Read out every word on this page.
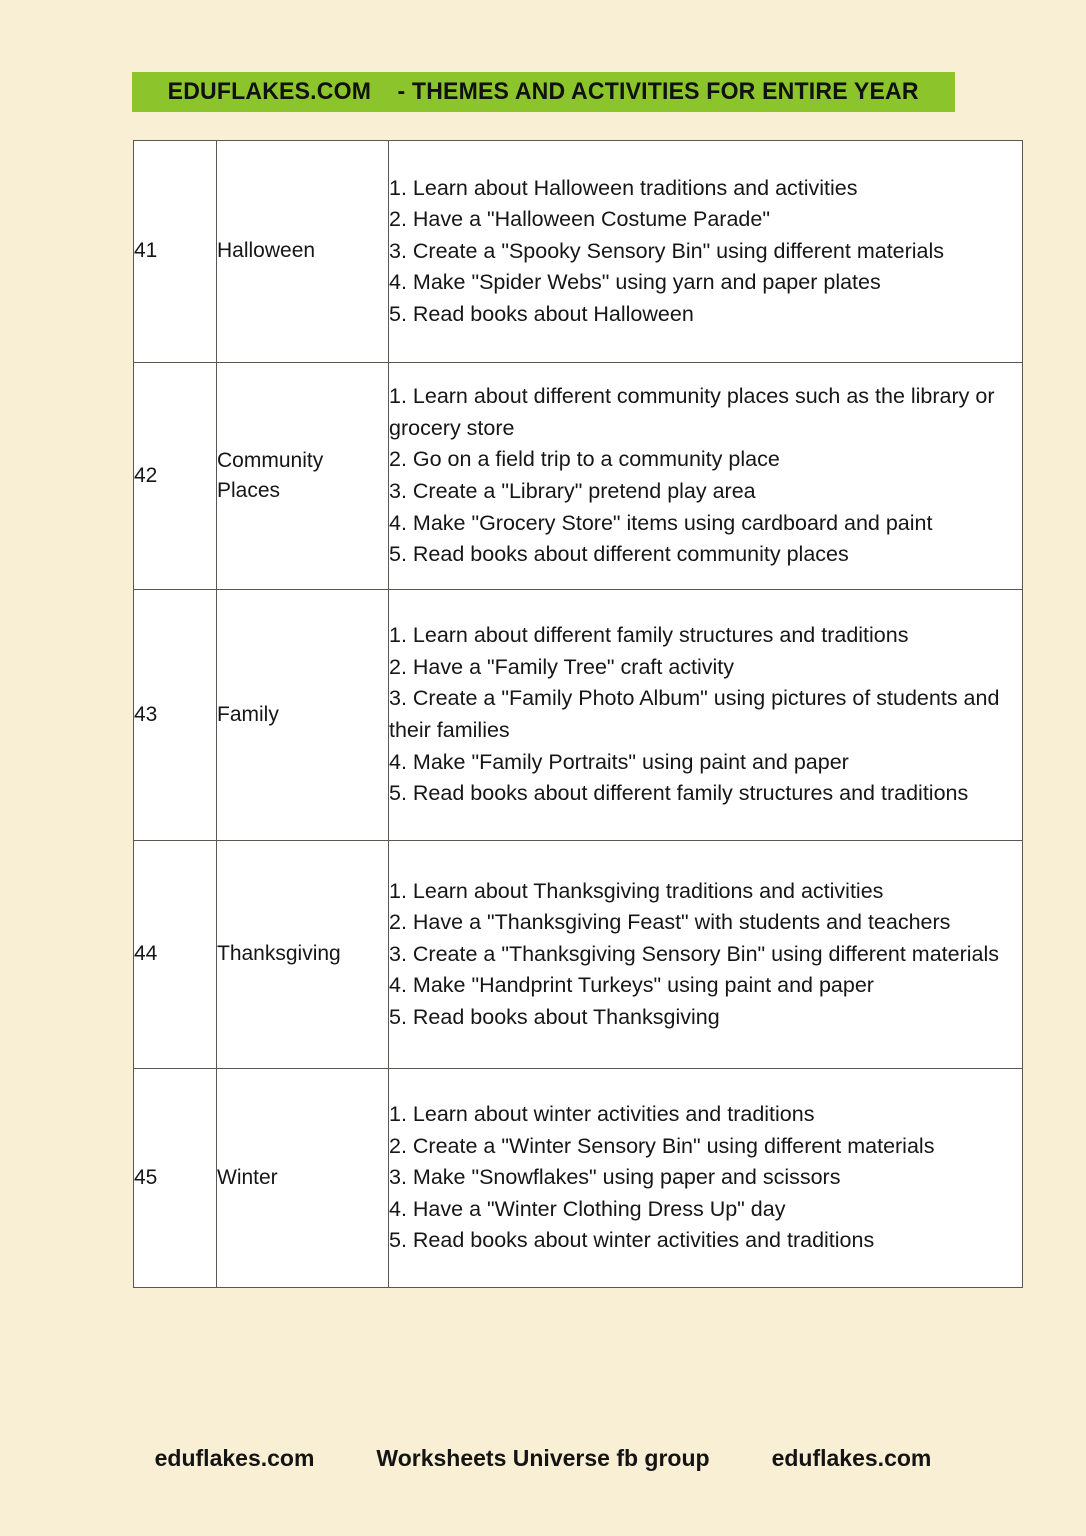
EDUFLAKES.COM    - THEMES AND ACTIVITIES FOR ENTIRE YEAR
41	Halloween	
1. Learn about Halloween traditions and activities
2. Have a "Halloween Costume Parade"
3. Create a "Spooky Sensory Bin" using different materials
4. Make "Spider Webs" using yarn and paper plates
5. Read books about Halloween

42	Community Places	
1. Learn about different community places such as the library or grocery store
2. Go on a field trip to a community place
3. Create a "Library" pretend play area
4. Make "Grocery Store" items using cardboard and paint
5. Read books about different community places

43	Family	
1. Learn about different family structures and traditions
2. Have a "Family Tree" craft activity
3. Create a "Family Photo Album" using pictures of students and their families
4. Make "Family Portraits" using paint and paper
5. Read books about different family structures and traditions

44	Thanksgiving	
1. Learn about Thanksgiving traditions and activities
2. Have a "Thanksgiving Feast" with students and teachers
3. Create a "Thanksgiving Sensory Bin" using different materials
4. Make "Handprint Turkeys" using paint and paper
5. Read books about Thanksgiving

45	Winter	
1. Learn about winter activities and traditions
2. Create a "Winter Sensory Bin" using different materials
3. Make "Snowflakes" using paper and scissors
4. Have a "Winter Clothing Dress Up" day
5. Read books about winter activities and traditions
eduflakes.com	Worksheets Universe fb group	eduflakes.com
